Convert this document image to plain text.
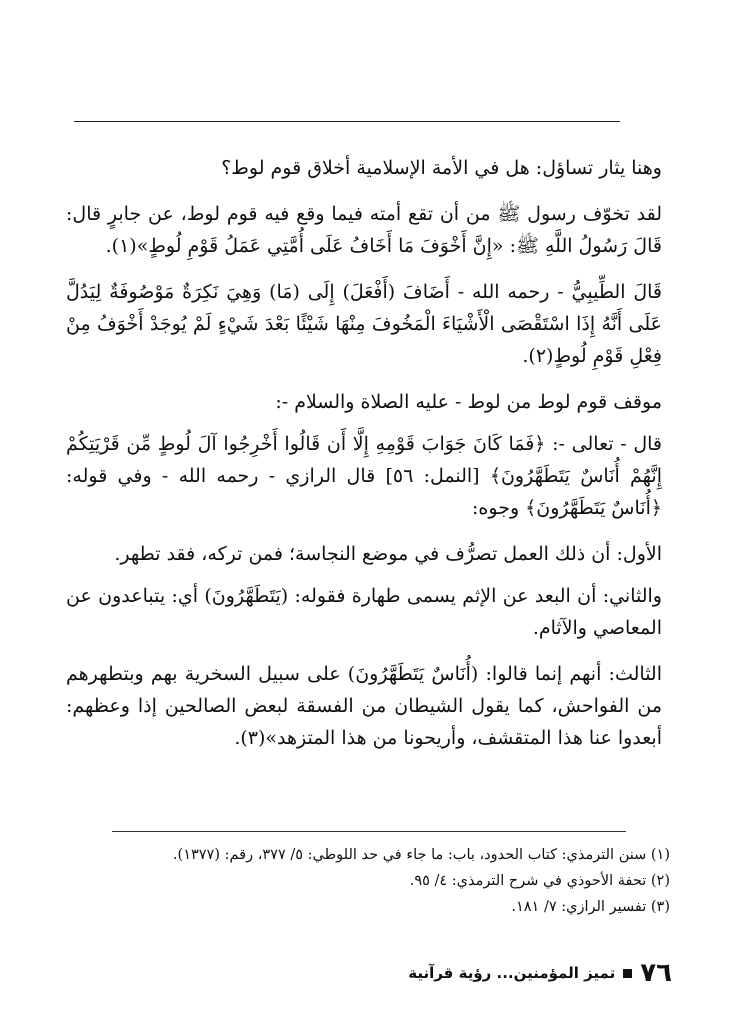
وهنا يثار تساؤل: هل في الأمة الإسلامية أخلاق قوم لوط؟

لقد تخوّف رسول ﷺ من أن تقع أمته فيما وقع فيه قوم لوط، عن جابرٍ قال: قَالَ رَسُولُ اللَّهِ ﷺ: «إِنَّ أَخْوَفَ مَا أَخَافُ عَلَى أُمَّتِي عَمَلُ قَوْمِ لُوطٍ»(١).

قَالَ الطِّيبِيُّ - رحمه الله - أَضَافَ (أَفْعَلَ) إِلَى (مَا) وَهِيَ نَكِرَةٌ مَوْصُوفَةٌ لِيَدُلَّ عَلَى أَنَّهُ إِذَا اسْتَقْصَى الْأَشْيَاءَ الْمَخُوفَ مِنْهَا شَيْئًا بَعْدَ شَيْءٍ لَمْ يُوجَدْ أَخْوَفُ مِنْ فِعْلِ قَوْمِ لُوطٍ(٢).

موقف قوم لوط من لوط - عليه الصلاة والسلام -:

قال - تعالى -: ﴿فَمَا كَانَ جَوَابَ قَوْمِهِ إِلَّا أَن قَالُوا أَخْرِجُوا آلَ لُوطٍ مِّن قَرْيَتِكُمْ إِنَّهُمْ أُنَاسٌ يَتَطَهَّرُونَ﴾ [النمل: ٥٦] قال الرازي - رحمه الله - وفي قوله: ﴿أُنَاسٌ يَتَطَهَّرُونَ﴾ وجوه:

الأول: أن ذلك العمل تصرُّف في موضع النجاسة؛ فمن تركه، فقد تطهر.

والثاني: أن البعد عن الإثم يسمى طهارة فقوله: (يَتَطَهَّرُونَ) أي: يتباعدون عن المعاصي والآثام.

الثالث: أنهم إنما قالوا: (أُنَاسٌ يَتَطَهَّرُونَ) على سبيل السخرية بهم وبتطهرهم من الفواحش، كما يقول الشيطان من الفسقة لبعض الصالحين إذا وعظهم: أبعدوا عنا هذا المتقشف، وأريحونا من هذا المتزهد»(٣).

(١) سنن الترمذي: كتاب الحدود، باب: ما جاء في حد اللوطي: ٥/ ٣٧٧، رقم: (١٣٧٧).
(٢) تحفة الأحوذي في شرح الترمذي: ٤/ ٩٥.
(٣) تفسير الرازي: ٧/ ١٨١.
٧٦
تميز المؤمنين... رؤية قرآنية
